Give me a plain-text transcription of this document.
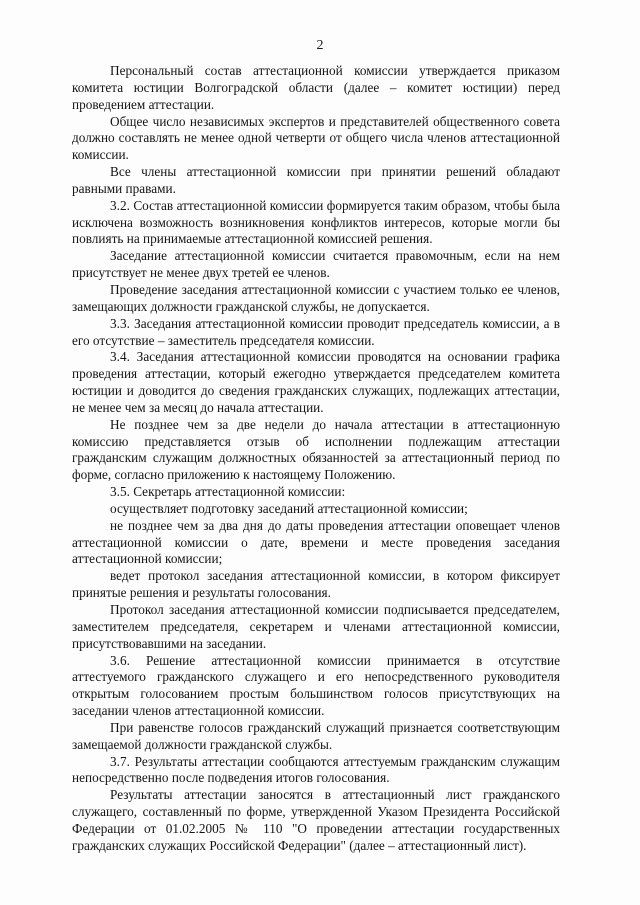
2

Персональный состав аттестационной комиссии утверждается приказом комитета юстиции Волгоградской области (далее – комитет юстиции) перед проведением аттестации.

Общее число независимых экспертов и представителей общественного совета должно составлять не менее одной четверти от общего числа членов аттестационной комиссии.

Все члены аттестационной комиссии при принятии решений обладают равными правами.

3.2. Состав аттестационной комиссии формируется таким образом, чтобы была исключена возможность возникновения конфликтов интересов, которые могли бы повлиять на принимаемые аттестационной комиссией решения.

Заседание аттестационной комиссии считается правомочным, если на нем присутствует не менее двух третей ее членов.

Проведение заседания аттестационной комиссии с участием только ее членов, замещающих должности гражданской службы, не допускается.

3.3. Заседания аттестационной комиссии проводит председатель комиссии, а в его отсутствие – заместитель председателя комиссии.

3.4. Заседания аттестационной комиссии проводятся на основании графика проведения аттестации, который ежегодно утверждается председателем комитета юстиции и доводится до сведения гражданских служащих, подлежащих аттестации, не менее чем за месяц до начала аттестации.

Не позднее чем за две недели до начала аттестации в аттестационную комиссию представляется отзыв об исполнении подлежащим аттестации гражданским служащим должностных обязанностей за аттестационный период по форме, согласно приложению к настоящему Положению.

3.5. Секретарь аттестационной комиссии:

осуществляет подготовку заседаний аттестационной комиссии;

не позднее чем за два дня до даты проведения аттестации оповещает членов аттестационной комиссии о дате, времени и месте проведения заседания аттестационной комиссии;

ведет протокол заседания аттестационной комиссии, в котором фиксирует принятые решения и результаты голосования.

Протокол заседания аттестационной комиссии подписывается председателем, заместителем председателя, секретарем и членами аттестационной комиссии, присутствовавшими на заседании.

3.6. Решение аттестационной комиссии принимается в отсутствие аттестуемого гражданского служащего и его непосредственного руководителя открытым голосованием простым большинством голосов присутствующих на заседании членов аттестационной комиссии.

При равенстве голосов гражданский служащий признается соответствующим замещаемой должности гражданской службы.

3.7. Результаты аттестации сообщаются аттестуемым гражданским служащим непосредственно после подведения итогов голосования.

Результаты аттестации заносятся в аттестационный лист гражданского служащего, составленный по форме, утвержденной Указом Президента Российской Федерации от 01.02.2005 № 110 "О проведении аттестации государственных гражданских служащих Российской Федерации" (далее – аттестационный лист).
